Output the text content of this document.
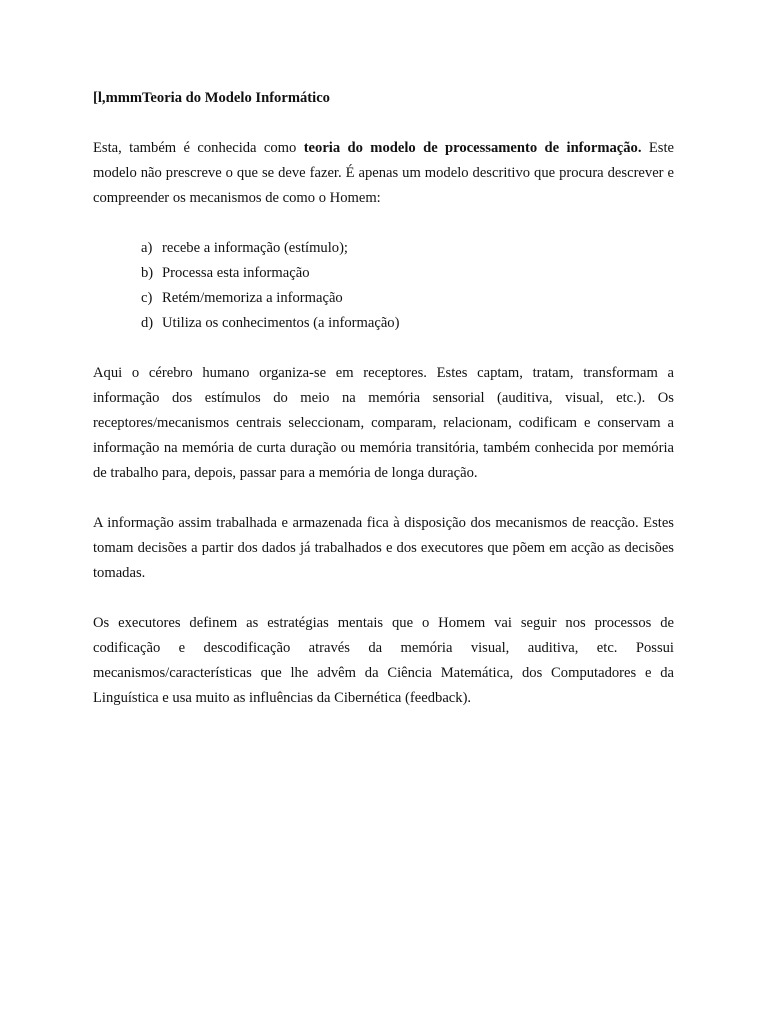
[l,mmmTeoria do Modelo Informático

Esta, também é conhecida como teoria do modelo de processamento de informação. Este modelo não prescreve o que se deve fazer. É apenas um modelo descritivo que procura descrever e compreender os mecanismos de como o Homem:

a) recebe a informação (estímulo);
b) Processa esta informação
c) Retém/memoriza a informação
d) Utiliza os conhecimentos (a informação)

Aqui o cérebro humano organiza-se em receptores. Estes captam, tratam, transformam a informação dos estímulos do meio na memória sensorial (auditiva, visual, etc.). Os receptores/mecanismos centrais seleccionam, comparam, relacionam, codificam e conservam a informação na memória de curta duração ou memória transitória, também conhecida por memória de trabalho para, depois, passar para a memória de longa duração.

A informação assim trabalhada e armazenada fica à disposição dos mecanismos de reacção. Estes tomam decisões a partir dos dados já trabalhados e dos executores que põem em acção as decisões tomadas.

Os executores definem as estratégias mentais que o Homem vai seguir nos processos de codificação e descodificação através da memória visual, auditiva, etc. Possui mecanismos/características que lhe advêm da Ciência Matemática, dos Computadores e da Linguística e usa muito as influências da Cibernética (feedback).
